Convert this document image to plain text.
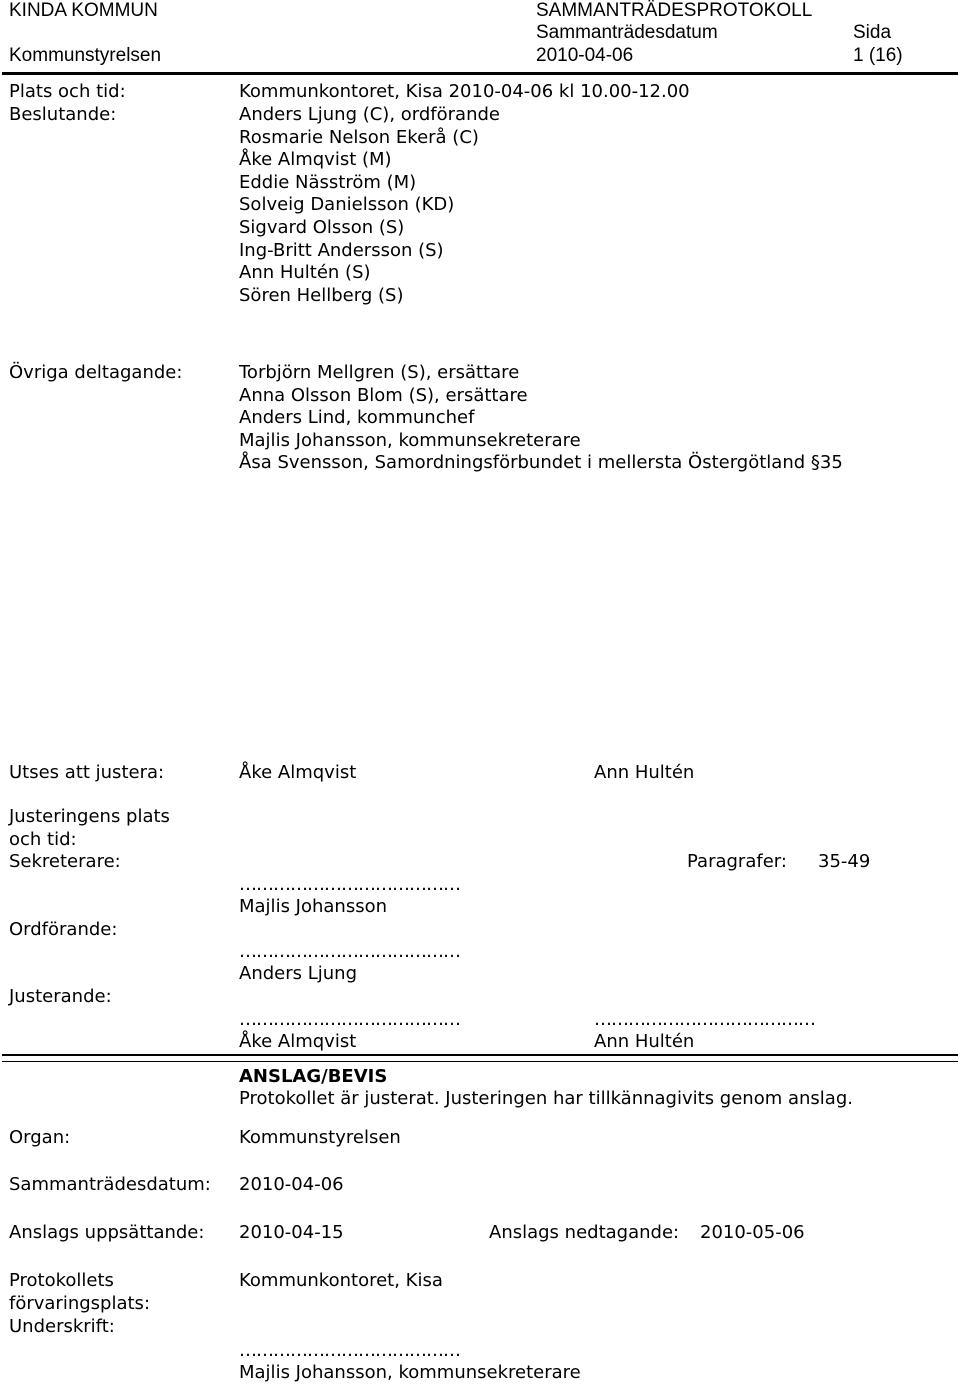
KINDA KOMMUN	SAMMANTRÄDESPROTOKOLL
Kommunstyrelsen
Sammanträdesdatum
2010-04-06
Sida
1 (16)
Plats och tid:	Kommunkontoret, Kisa 2010-04-06 kl 10.00-12.00
Beslutande:	Anders Ljung (C), ordförande
Rosmarie Nelson Ekerå (C)
Åke Almqvist (M)
Eddie Näsström (M)
Solveig Danielsson (KD)
Sigvard Olsson (S)
Ing-Britt Andersson (S)
Ann Hultén (S)
Sören Hellberg (S)
Övriga deltagande:	Torbjörn Mellgren (S), ersättare
Anna Olsson Blom (S), ersättare
Anders Lind, kommunchef
Majlis Johansson, kommunsekreterare
Åsa Svensson, Samordningsförbundet i mellersta Östergötland §35
Utses att justera:	Åke Almqvist	Ann Hultén
Justeringens plats
och tid:
Sekreterare:	Paragrafer: 35-49
…………………………………
Majlis Johansson
Ordförande:
…………………………………
Anders Ljung
Justerande:
…………………………………	…………………………………
Åke Almqvist	Ann Hultén
ANSLAG/BEVIS
Protokollet är justerat. Justeringen har tillkännagivits genom anslag.
Organ:	Kommunstyrelsen
Sammanträdesdatum: 2010-04-06
Anslags uppsättande: 2010-04-15	Anslags nedtagande: 2010-05-06
Protokollets
förvaringsplats:
Kommunkontoret, Kisa
Underskrift:
…………………………………
Majlis Johansson, kommunsekreterare
